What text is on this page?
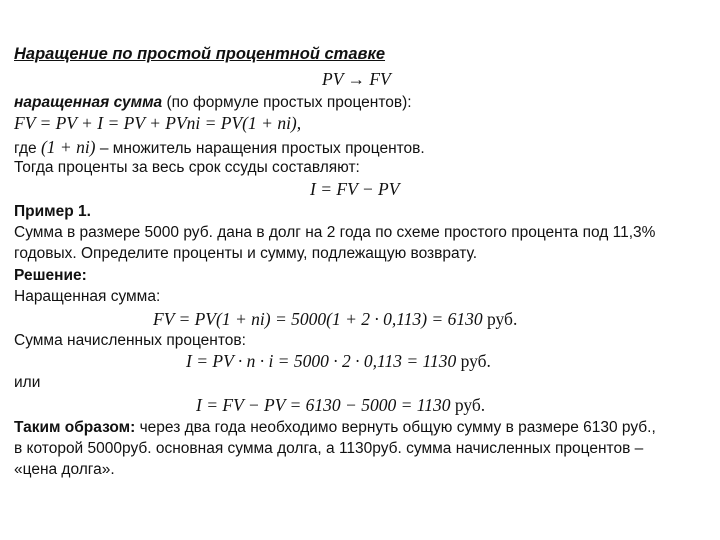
Наращение по простой процентной ставке
PV → FV
наращенная сумма (по формуле простых процентов):
FV = PV + I = PV + PVni = PV(1 + ni),
где (1 + ni) – множитель наращения простых процентов.
Тогда проценты за весь срок ссуды составляют:
I = FV − PV
Пример 1.
Сумма в размере 5000 руб. дана в долг на 2 года по схеме простого процента под 11,3%
годовых. Определите проценты и сумму, подлежащую возврату.
Решение:
Наращенная сумма:
FV = PV(1 + ni) = 5000(1 + 2 · 0,113) = 6130 руб.
Сумма начисленных процентов:
I = PV · n · i = 5000 · 2 · 0,113 = 1130 руб.
или
I = FV − PV = 6130 − 5000 = 1130 руб.
Таким образом: через два года необходимо вернуть общую сумму в размере 6130 руб.,
в которой 5000руб. основная сумма долга, а 1130руб. сумма начисленных процентов –
«цена долга».
